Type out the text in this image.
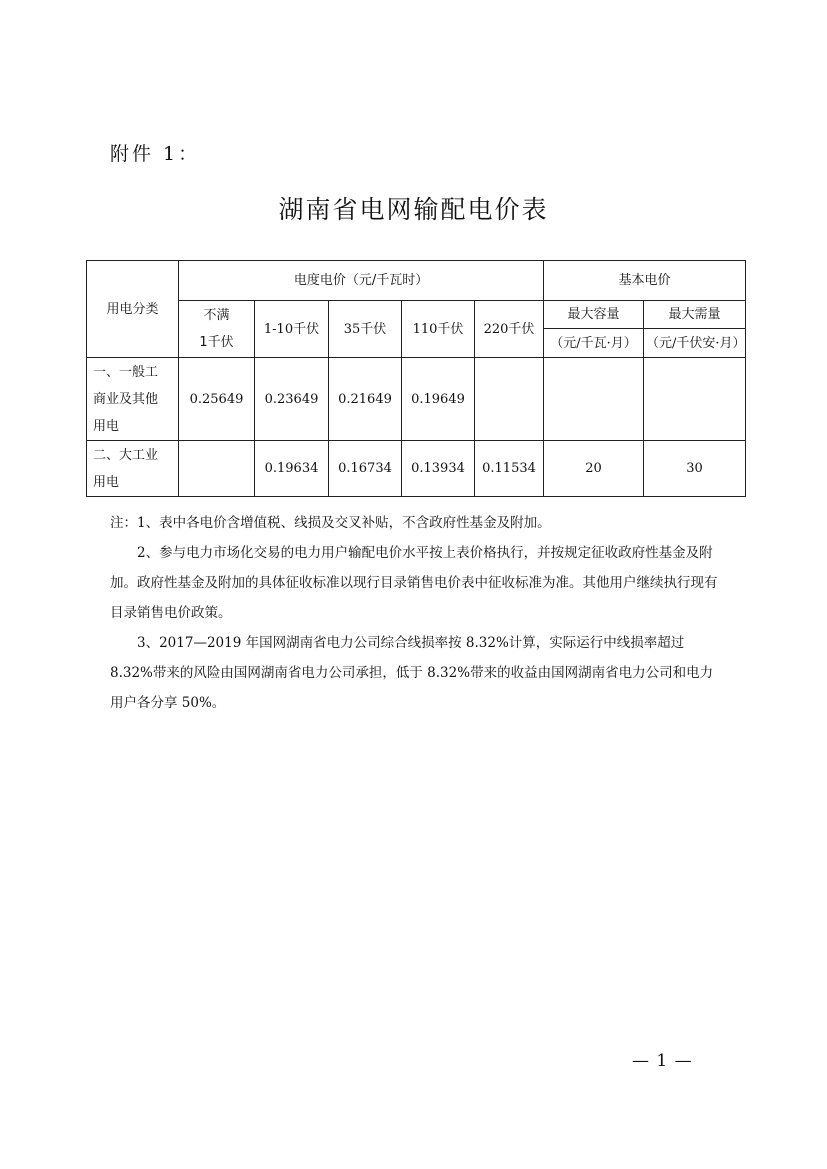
附件 1：
湖南省电网输配电价表
用电分类	电度电价（元/千瓦时）					基本电价	

	不满
1千伏	1-10千伏	35千伏	110千伏	220千伏	最大容量	最大需量
						（元/千瓦·月）	（元/千伏安·月）

一、一般工
商业及其他
用电	0.25649	0.23649	0.21649	0.19649			

二、大工业
用电		0.19634	0.16734	0.13934	0.11534	20	30

注：1、表中各电价含增值税、线损及交叉补贴，不含政府性基金及附加。

2、参与电力市场化交易的电力用户输配电价水平按上表价格执行，并按规定征收政府性基金及附加。政府性基金及附加的具体征收标准以现行目录销售电价表中征收标准为准。其他用户继续执行现有目录销售电价政策。

3、2017—2019 年国网湖南省电力公司综合线损率按 8.32%计算，实际运行中线损率超过 8.32%带来的风险由国网湖南省电力公司承担，低于 8.32%带来的收益由国网湖南省电力公司和电力用户各分享 50%。

— 1 —
